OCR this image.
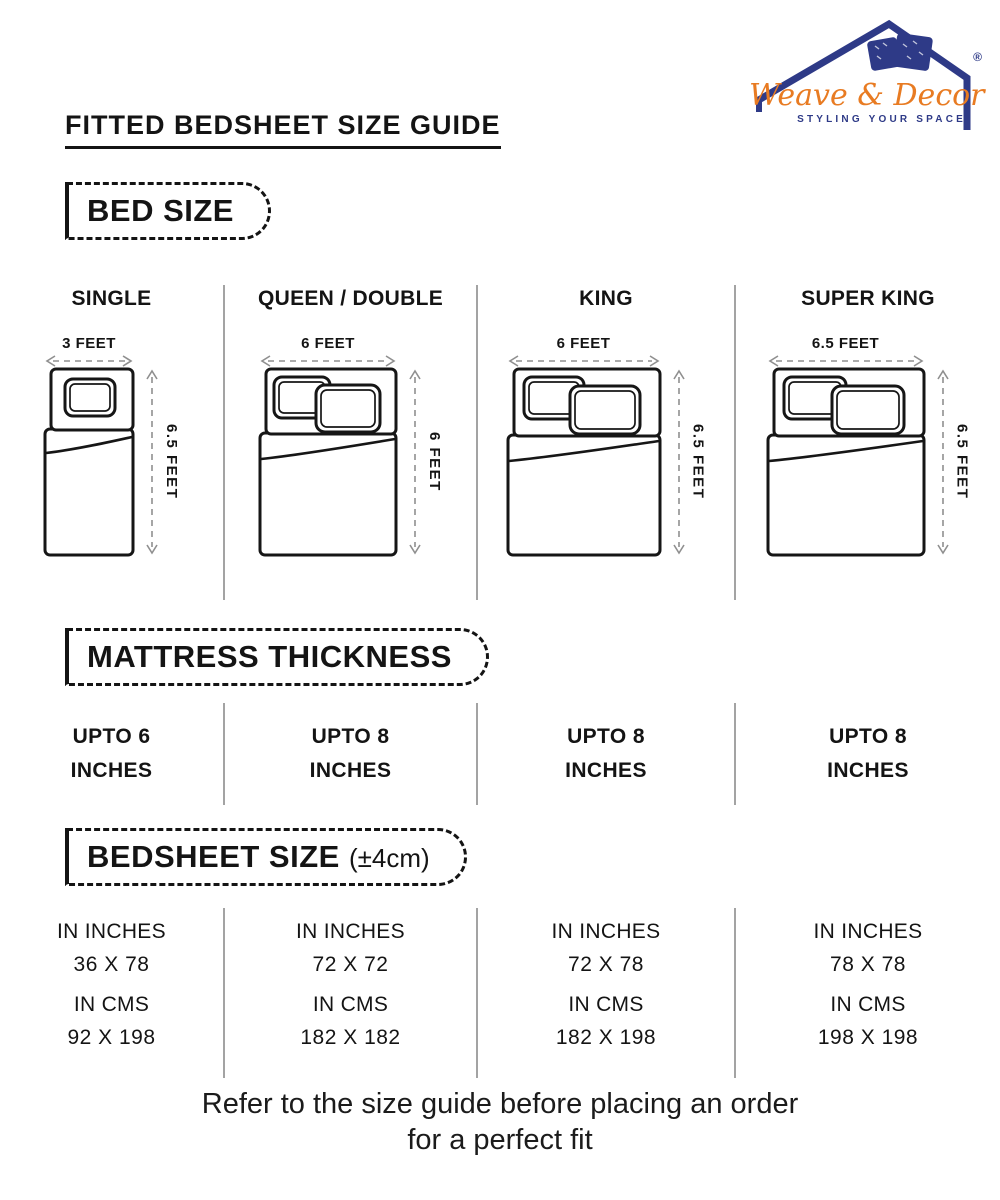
Weave & Decor
STYLING YOUR SPACE
®
FITTED BEDSHEET SIZE GUIDE
BED SIZE
SINGLE
3 FEET
6.5 FEET
QUEEN / DOUBLE
6 FEET
6 FEET
KING
6 FEET
6.5 FEET
SUPER KING
6.5 FEET
6.5 FEET
MATTRESS THICKNESS
UPTO 6
INCHES
UPTO 8
INCHES
UPTO 8
INCHES
UPTO 8
INCHES
BEDSHEET SIZE (±4cm)
IN INCHES
36 X 78
IN CMS
92 X 198
IN INCHES
72 X 72
IN CMS
182 X 182
IN INCHES
72 X 78
IN CMS
182 X 198
IN INCHES
78 X 78
IN CMS
198 X 198
Refer to the size guide before placing an order
for a perfect fit
